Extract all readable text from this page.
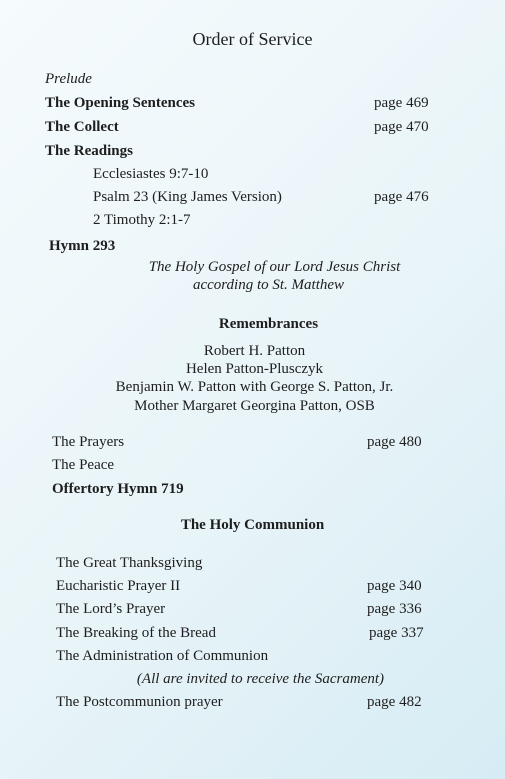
Order of Service
Prelude
The Opening Sentences	page 469
The Collect	page 470
The Readings
Ecclesiastes 9:7-10
Psalm 23 (King James Version)	page 476
2 Timothy 2:1-7
Hymn 293
The Holy Gospel of our Lord Jesus Christ
according to St. Matthew
Remembrances
Robert H. Patton
Helen Patton-Plusczyk
Benjamin W. Patton with George S. Patton, Jr.
Mother Margaret Georgina Patton, OSB
The Prayers	page 480
The Peace
Offertory Hymn 719
The Holy Communion
The Great Thanksgiving
Eucharistic Prayer II	page 340
The Lord’s Prayer	page 336
The Breaking of the Bread	page 337
The Administration of Communion
(All are invited to receive the Sacrament)
The Postcommunion prayer	page 482
